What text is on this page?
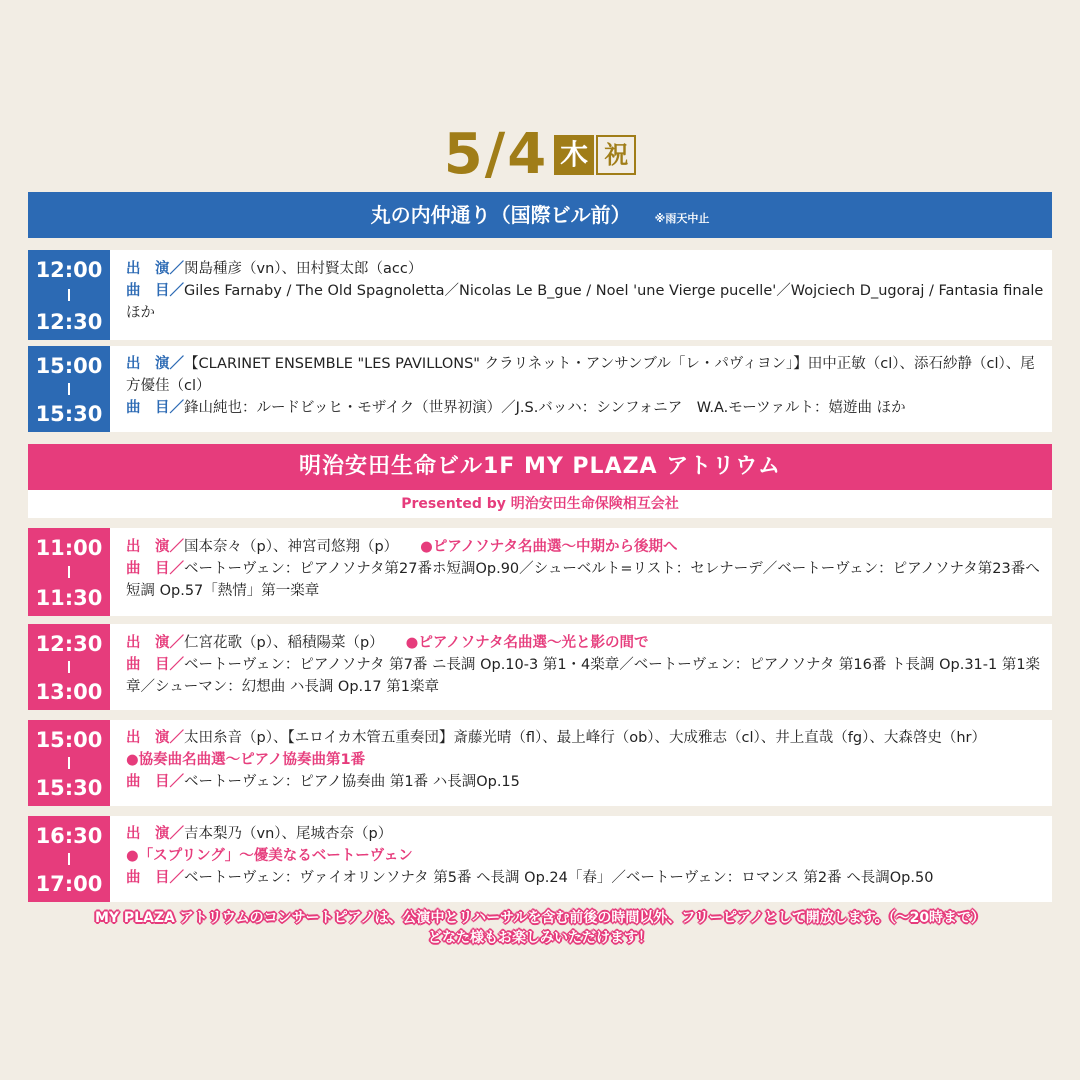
5/4 木 祝
丸の内仲通り（国際ビル前） ※雨天中止
12:00
12:30
出　演／関島種彦（vn）、田村賢太郎（acc）
曲　目／Giles Farnaby / The Old Spagnoletta／Nicolas Le B_gue / Noel 'une Vierge pucelle'／Wojciech D_ugoraj / Fantasia finale ほか
15:00
15:30
出　演／【CLARINET ENSEMBLE "LES PAVILLONS" クラリネット・アンサンブル「レ・パヴィヨン」】田中正敏（cl）、添石紗静（cl）、尾方優佳（cl）
曲　目／鋒山純也：ルードビッヒ・モザイク（世界初演）／J.S.バッハ：シンフォニア　W.A.モーツァルト：嬉遊曲 ほか
明治安田生命ビル1F MY PLAZA アトリウム
Presented by 明治安田生命保険相互会社
11:00
11:30
出　演／国本奈々（p）、神宮司悠翔（p） ●ピアノソナタ名曲選～中期から後期へ
曲　目／ベートーヴェン：ピアノソナタ第27番ホ短調Op.90／シューベルト=リスト：セレナーデ／ベートーヴェン：ピアノソナタ第23番へ短調 Op.57「熱情」第一楽章
12:30
13:00
出　演／仁宮花歌（p）、稲積陽菜（p） ●ピアノソナタ名曲選～光と影の間で
曲　目／ベートーヴェン：ピアノソナタ 第7番 ニ長調 Op.10-3 第1・4楽章／ベートーヴェン：ピアノソナタ 第16番 ト長調 Op.31-1 第1楽章／シューマン：幻想曲 ハ長調 Op.17 第1楽章
15:00
15:30
出　演／太田糸音（p）、【エロイカ木管五重奏団】斎藤光晴（fl）、最上峰行（ob）、大成雅志（cl）、井上直哉（fg）、大森啓史（hr）
●協奏曲名曲選～ピアノ協奏曲第1番
曲　目／ベートーヴェン：ピアノ協奏曲 第1番 ハ長調Op.15
16:30
17:00
出　演／吉本梨乃（vn）、尾城杏奈（p）
●「スプリング」～優美なるベートーヴェン
曲　目／ベートーヴェン：ヴァイオリンソナタ 第5番 ヘ長調 Op.24「春」／ベートーヴェン：ロマンス 第2番 ヘ長調Op.50
MY PLAZA アトリウムのコンサートピアノは、公演中とリハーサルを含む前後の時間以外、フリーピアノとして開放します。（～20時まで）
どなた様もお楽しみいただけます！
